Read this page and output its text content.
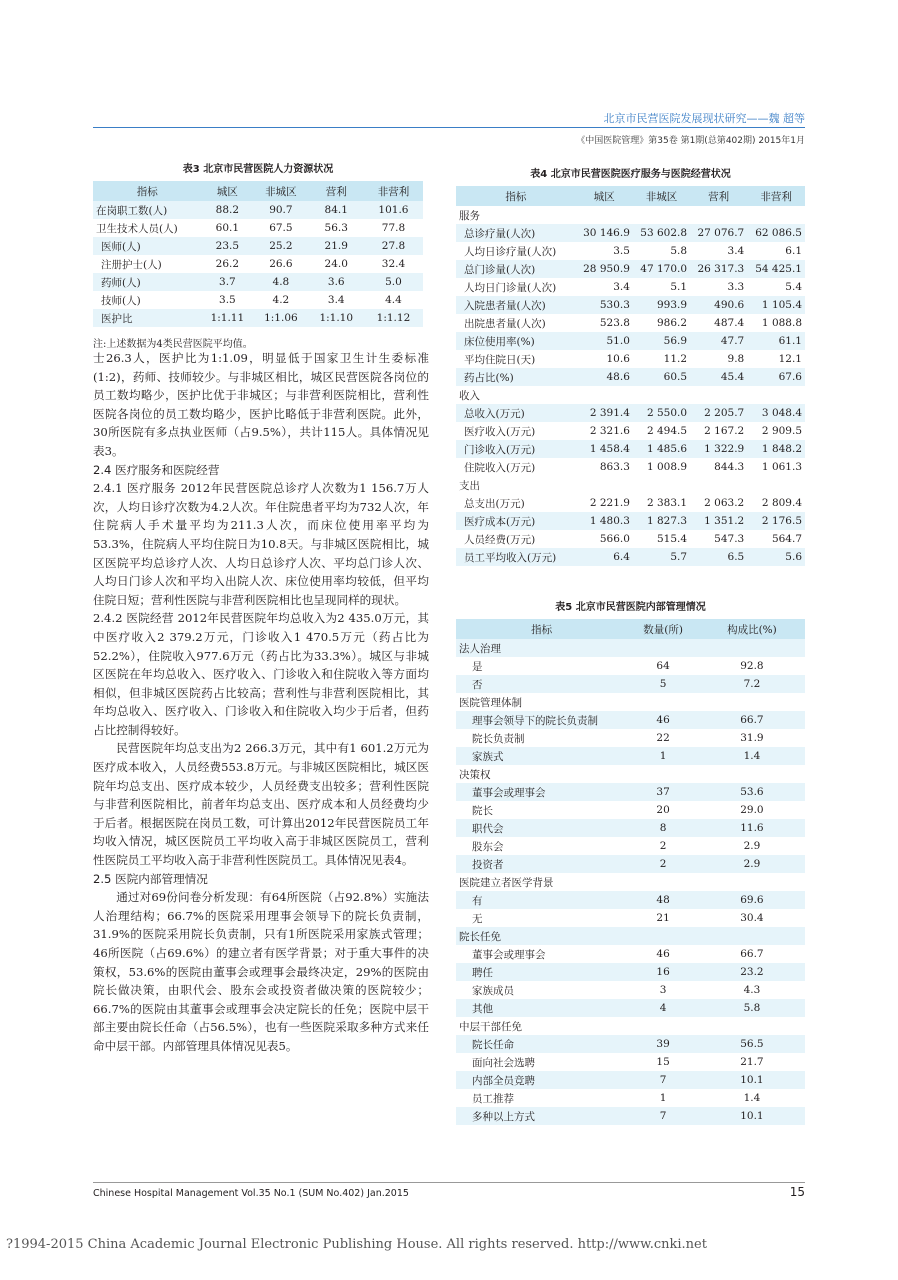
北京市民营医院发展现状研究——魏 超等
《中国医院管理》第35卷 第1期(总第402期) 2015年1月
表3 北京市民营医院人力资源状况
指标	城区	非城区	营利	非营利
在岗职工数(人)	88.2	90.7	84.1	101.6
卫生技术人员(人)	60.1	67.5	56.3	77.8
医师(人)	23.5	25.2	21.9	27.8
注册护士(人)	26.2	26.6	24.0	32.4
药师(人)	3.7	4.8	3.6	5.0
技师(人)	3.5	4.2	3.4	4.4
医护比	1:1.11	1:1.06	1:1.10	1:1.12
注:上述数据为4类民营医院平均值。

士26.3人，医护比为1:1.09，明显低于国家卫生计生委标准(1:2)，药师、技师较少。与非城区相比，城区民营医院各岗位的员工数均略少，医护比优于非城区；与非营利医院相比，营利性医院各岗位的员工数均略少，医护比略低于非营利医院。此外，30所医院有多点执业医师（占9.5%），共计115人。具体情况见表3。

2.4 医疗服务和医院经营

2.4.1 医疗服务 2012年民营医院总诊疗人次数为1 156.7万人次，人均日诊疗次数为4.2人次。年住院患者平均为732人次，年住院病人手术量平均为211.3人次，而床位使用率平均为53.3%，住院病人平均住院日为10.8天。与非城区医院相比，城区医院平均总诊疗人次、人均日总诊疗人次、平均总门诊人次、人均日门诊人次和平均入出院人次、床位使用率均较低，但平均住院日短；营利性医院与非营利医院相比也呈现同样的现状。

2.4.2 医院经营 2012年民营医院年均总收入为2 435.0万元，其中医疗收入2 379.2万元，门诊收入1 470.5万元（药占比为52.2%），住院收入977.6万元（药占比为33.3%）。城区与非城区医院在年均总收入、医疗收入、门诊收入和住院收入等方面均相似，但非城区医院药占比较高；营利性与非营利医院相比，其年均总收入、医疗收入、门诊收入和住院收入均少于后者，但药占比控制得较好。

民营医院年均总支出为2 266.3万元，其中有1 601.2万元为医疗成本收入，人员经费553.8万元。与非城区医院相比，城区医院年均总支出、医疗成本较少，人员经费支出较多；营利性医院与非营利医院相比，前者年均总支出、医疗成本和人员经费均少于后者。根据医院在岗员工数，可计算出2012年民营医院员工年均收入情况，城区医院员工平均收入高于非城区医院员工，营利性医院员工平均收入高于非营利性医院员工。具体情况见表4。

2.5 医院内部管理情况

通过对69份问卷分析发现：有64所医院（占92.8%）实施法人治理结构；66.7%的医院采用理事会领导下的院长负责制，31.9%的医院采用院长负责制，只有1所医院采用家族式管理；46所医院（占69.6%）的建立者有医学背景；对于重大事件的决策权，53.6%的医院由董事会或理事会最终决定，29%的医院由院长做决策，由职代会、股东会或投资者做决策的医院较少；66.7%的医院由其董事会或理事会决定院长的任免；医院中层干部主要由院长任命（占56.5%），也有一些医院采取多种方式来任命中层干部。内部管理具体情况见表5。

表4 北京市民营医院医疗服务与医院经营状况
指标	城区	非城区	营利	非营利
服务				
总诊疗量(人次)	30 146.9	53 602.8	27 076.7	62 086.5
人均日诊疗量(人次)	3.5	5.8	3.4	6.1
总门诊量(人次)	28 950.9	47 170.0	26 317.3	54 425.1
人均日门诊量(人次)	3.4	5.1	3.3	5.4
入院患者量(人次)	530.3	993.9	490.6	1 105.4
出院患者量(人次)	523.8	986.2	487.4	1 088.8
床位使用率(%)	51.0	56.9	47.7	61.1
平均住院日(天)	10.6	11.2	9.8	12.1
药占比(%)	48.6	60.5	45.4	67.6
收入				
总收入(万元)	2 391.4	2 550.0	2 205.7	3 048.4
医疗收入(万元)	2 321.6	2 494.5	2 167.2	2 909.5
门诊收入(万元)	1 458.4	1 485.6	1 322.9	1 848.2
住院收入(万元)	863.3	1 008.9	844.3	1 061.3
支出				
总支出(万元)	2 221.9	2 383.1	2 063.2	2 809.4
医疗成本(万元)	1 480.3	1 827.3	1 351.2	2 176.5
人员经费(万元)	566.0	515.4	547.3	564.7
员工平均收入(万元)	6.4	5.7	6.5	5.6
表5 北京市民营医院内部管理情况
指标	数量(所)	构成比(%)
法人治理		
是	64	92.8
否	5	7.2
医院管理体制		
理事会领导下的院长负责制	46	66.7
院长负责制	22	31.9
家族式	1	1.4
决策权		
董事会或理事会	37	53.6
院长	20	29.0
职代会	8	11.6
股东会	2	2.9
投资者	2	2.9
医院建立者医学背景		
有	48	69.6
无	21	30.4
院长任免		
董事会或理事会	46	66.7
聘任	16	23.2
家族成员	3	4.3
其他	4	5.8
中层干部任免		
院长任命	39	56.5
面向社会选聘	15	21.7
内部全员竞聘	7	10.1
员工推荐	1	1.4
多种以上方式	7	10.1
Chinese Hospital Management Vol.35 No.1 (SUM No.402) Jan.2015	15
?1994-2015 China Academic Journal Electronic Publishing House. All rights reserved. http://www.cnki.net
